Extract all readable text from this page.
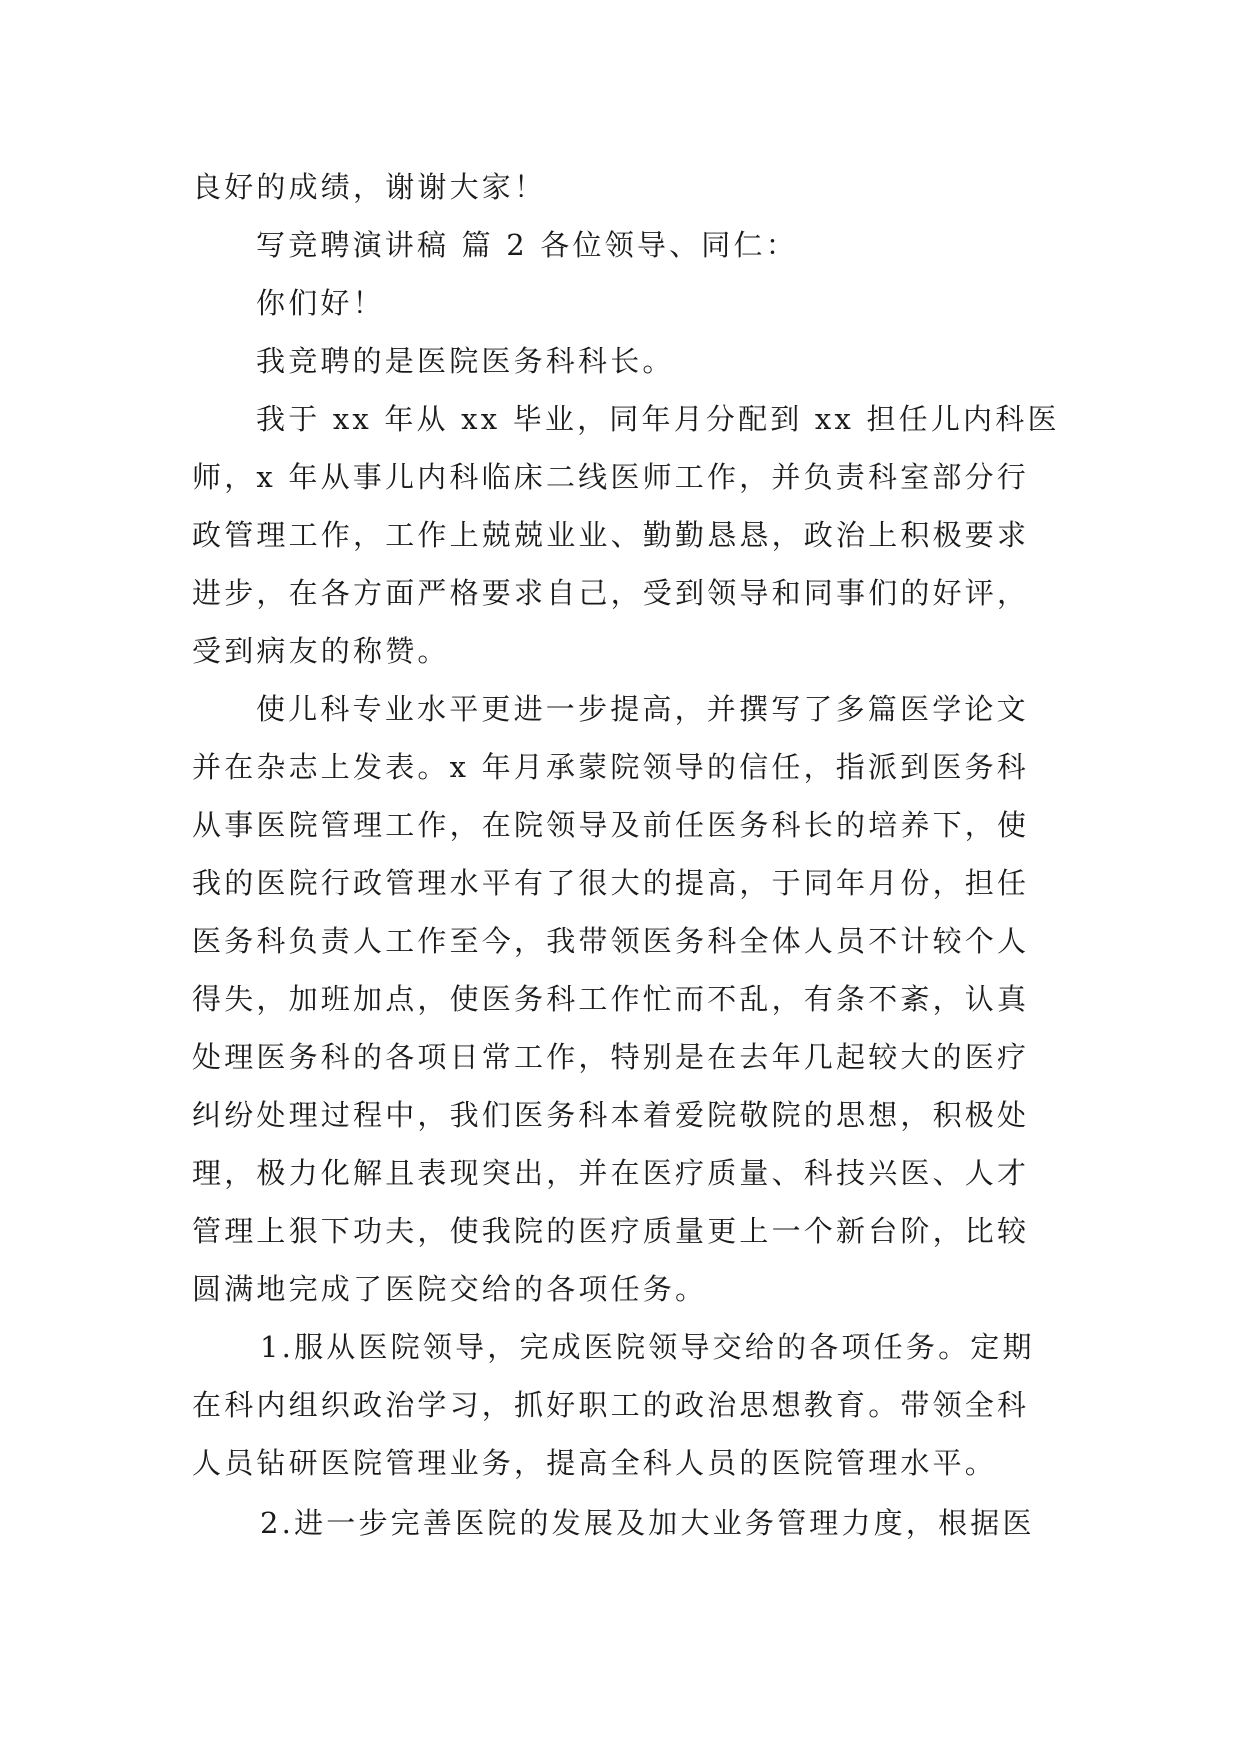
良好的成绩，谢谢大家！

写竞聘演讲稿 篇 2 各位领导、同仁：

你们好！

我竞聘的是医院医务科科长。

我于 xx 年从 xx 毕业，同年月分配到 xx 担任儿内科医
师，x 年从事儿内科临床二线医师工作，并负责科室部分行
政管理工作，工作上兢兢业业、勤勤恳恳，政治上积极要求
进步，在各方面严格要求自己，受到领导和同事们的好评，
受到病友的称赞。

使儿科专业水平更进一步提高，并撰写了多篇医学论文
并在杂志上发表。x 年月承蒙院领导的信任，指派到医务科
从事医院管理工作，在院领导及前任医务科长的培养下，使
我的医院行政管理水平有了很大的提高，于同年月份，担任
医务科负责人工作至今，我带领医务科全体人员不计较个人
得失，加班加点，使医务科工作忙而不乱，有条不紊，认真
处理医务科的各项日常工作，特别是在去年几起较大的医疗
纠纷处理过程中，我们医务科本着爱院敬院的思想，积极处
理，极力化解且表现突出，并在医疗质量、科技兴医、人才
管理上狠下功夫，使我院的医疗质量更上一个新台阶，比较
圆满地完成了医院交给的各项任务。

1.服从医院领导，完成医院领导交给的各项任务。定期
在科内组织政治学习，抓好职工的政治思想教育。带领全科
人员钻研医院管理业务，提高全科人员的医院管理水平。

2.进一步完善医院的发展及加大业务管理力度，根据医
